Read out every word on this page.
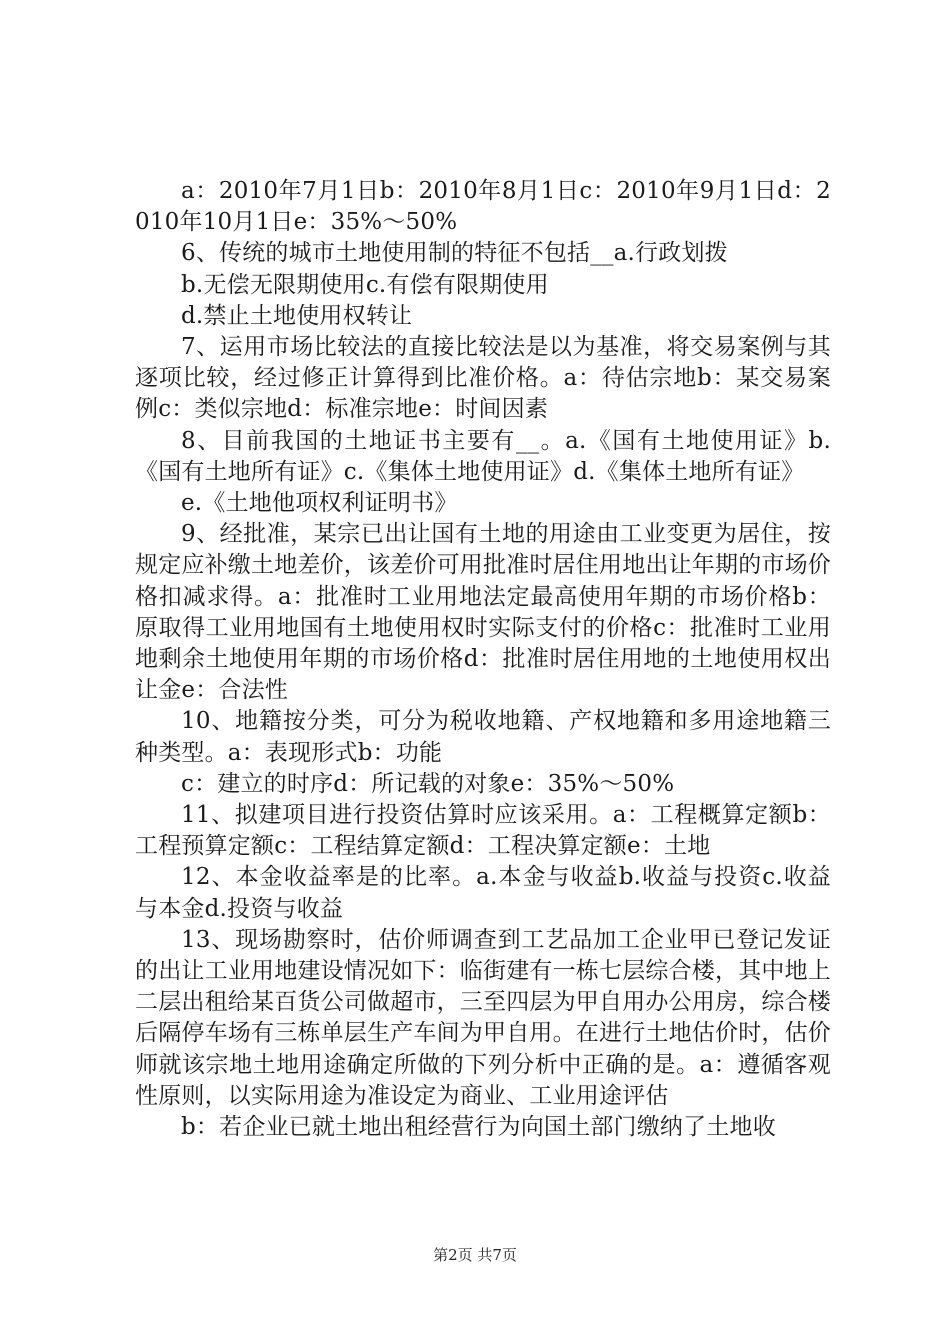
a：2010年7月1日b：2010年8月1日c：2010年9月1日d：2010年10月1日e：35%～50%

6、传统的城市土地使用制的特征不包括__a.行政划拨

b.无偿无限期使用c.有偿有限期使用

d.禁止土地使用权转让

7、运用市场比较法的直接比较法是以为基准，将交易案例与其逐项比较，经过修正计算得到比准价格。a：待估宗地b：某交易案例c：类似宗地d：标准宗地e：时间因素

8、目前我国的土地证书主要有__。a.《国有土地使用证》b.《国有土地所有证》c.《集体土地使用证》d.《集体土地所有证》

e.《土地他项权利证明书》

9、经批准，某宗已出让国有土地的用途由工业变更为居住，按规定应补缴土地差价，该差价可用批准时居住用地出让年期的市场价格扣减求得。a：批准时工业用地法定最高使用年期的市场价格b：原取得工业用地国有土地使用权时实际支付的价格c：批准时工业用地剩余土地使用年期的市场价格d：批准时居住用地的土地使用权出让金e：合法性

10、地籍按分类，可分为税收地籍、产权地籍和多用途地籍三种类型。a：表现形式b：功能

c：建立的时序d：所记载的对象e：35%～50%

11、拟建项目进行投资估算时应该采用。a：工程概算定额b：工程预算定额c：工程结算定额d：工程决算定额e：土地

12、本金收益率是的比率。a.本金与收益b.收益与投资c.收益与本金d.投资与收益

13、现场勘察时，估价师调查到工艺品加工企业甲已登记发证的出让工业用地建设情况如下：临街建有一栋七层综合楼，其中地上二层出租给某百货公司做超市，三至四层为甲自用办公用房，综合楼后隔停车场有三栋单层生产车间为甲自用。在进行土地估价时，估价师就该宗地土地用途确定所做的下列分析中正确的是。a：遵循客观性原则，以实际用途为准设定为商业、工业用途评估

b：若企业已就土地出租经营行为向国土部门缴纳了土地收

第2页 共7页
